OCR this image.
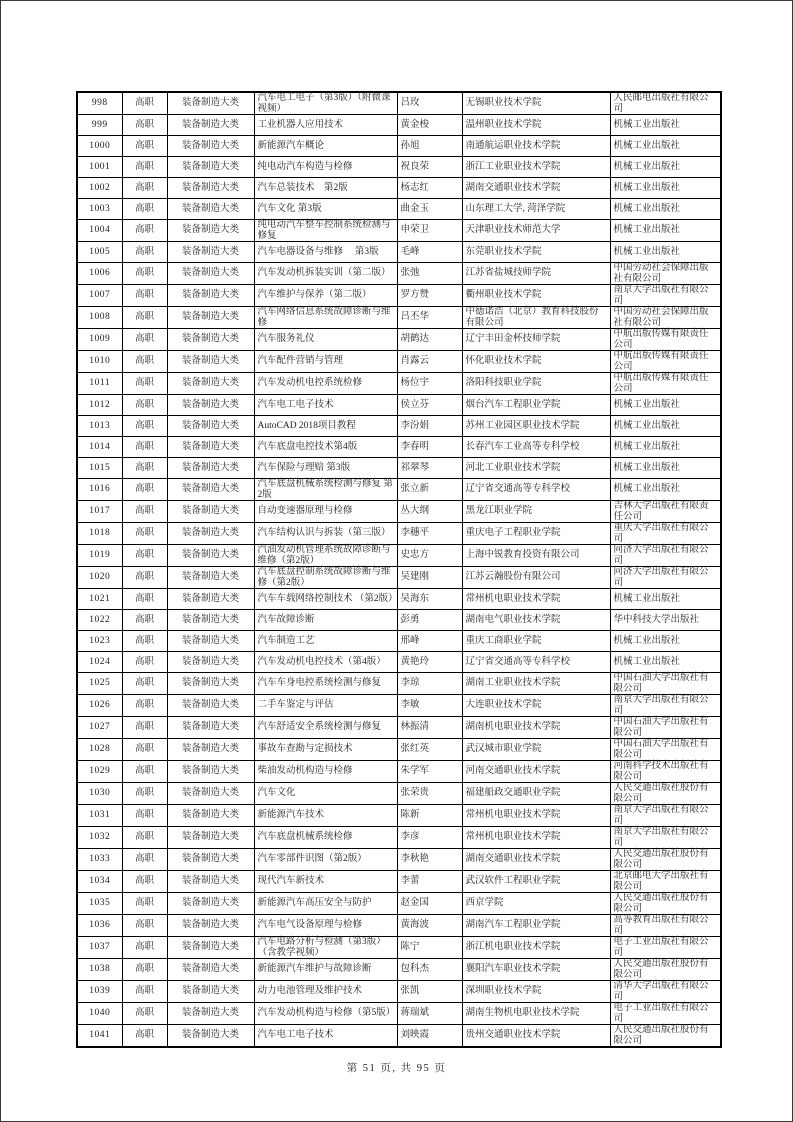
998	高职	装备制造大类	汽车电工电子（第3版）（附微课视频）	吕玫	无锡职业技术学院	人民邮电出版社有限公司
999	高职	装备制造大类	工业机器人应用技术	黄金梭	温州职业技术学院	机械工业出版社
1000	高职	装备制造大类	新能源汽车概论	孙旭	南通航运职业技术学院	机械工业出版社
1001	高职	装备制造大类	纯电动汽车构造与检修	祝良荣	浙江工业职业技术学院	机械工业出版社
1002	高职	装备制造大类	汽车总装技术　第2版	杨志红	湖南交通职业技术学院	机械工业出版社
1003	高职	装备制造大类	汽车文化 第3版	曲金玉	山东理工大学, 菏泽学院	机械工业出版社
1004	高职	装备制造大类	纯电动汽车整车控制系统检测与修复	申荣卫	天津职业技术师范大学	机械工业出版社
1005	高职	装备制造大类	汽车电器设备与维修　 第3版	毛峰	东莞职业技术学院	机械工业出版社
1006	高职	装备制造大类	汽车发动机拆装实训（第二版）	张弛	江苏省盐城技师学院	中国劳动社会保障出版社有限公司
1007	高职	装备制造大类	汽车维护与保养（第二版）	罗方赞	衢州职业技术学院	南京大学出版社有限公司
1008	高职	装备制造大类	汽车网络信息系统故障诊断与维修	吕丕华	中德诺浩（北京）教育科技股份有限公司	中国劳动社会保障出版社有限公司
1009	高职	装备制造大类	汽车服务礼仪	胡鹤达	辽宁丰田金杯技师学院	中航出版传媒有限责任公司
1010	高职	装备制造大类	汽车配件营销与管理	肖露云	怀化职业技术学院	中航出版传媒有限责任公司
1011	高职	装备制造大类	汽车发动机电控系统检修	杨位宇	洛阳科技职业学院	中航出版传媒有限责任公司
1012	高职	装备制造大类	汽车电工电子技术	侯立芬	烟台汽车工程职业学院	机械工业出版社
1013	高职	装备制造大类	AutoCAD 2018项目教程	李汾娟	苏州工业园区职业技术学院	机械工业出版社
1014	高职	装备制造大类	汽车底盘电控技术第4版	李春明	长春汽车工业高等专科学校	机械工业出版社
1015	高职	装备制造大类	汽车保险与理赔 第3版	祁翠琴	河北工业职业技术学院	机械工业出版社
1016	高职	装备制造大类	汽车底盘机械系统检测与修复 第2版	张立新	辽宁省交通高等专科学校	机械工业出版社
1017	高职	装备制造大类	自动变速器原理与检修	丛大纲	黑龙江职业学院	吉林大学出版社有限责任公司
1018	高职	装备制造大类	汽车结构认识与拆装（第三版）	李穗平	重庆电子工程职业学院	重庆大学出版社有限公司
1019	高职	装备制造大类	汽油发动机管理系统故障诊断与维修（第2版）	史忠方	上海中锐教育投资有限公司	同济大学出版社有限公司
1020	高职	装备制造大类	汽车底盘控制系统故障诊断与维修（第2版）	吴建刚	江苏云瀚股份有限公司	同济大学出版社有限公司
1021	高职	装备制造大类	汽车车载网络控制技术 （第2版）	吴海东	常州机电职业技术学院	机械工业出版社
1022	高职	装备制造大类	汽车故障诊断	彭勇	湖南电气职业技术学院	华中科技大学出版社
1023	高职	装备制造大类	汽车制造工艺	邢峰	重庆工商职业学院	机械工业出版社
1024	高职	装备制造大类	汽车发动机电控技术（第4版）	黄艳玲	辽宁省交通高等专科学校	机械工业出版社
1025	高职	装备制造大类	汽车车身电控系统检测与修复	李琼	湖南工业职业技术学院	中国石油大学出版社有限公司
1026	高职	装备制造大类	二手车鉴定与评估	李敏	大连职业技术学院	南京大学出版社有限公司
1027	高职	装备制造大类	汽车舒适安全系统检测与修复	林振清	湖南机电职业技术学院	中国石油大学出版社有限公司
1028	高职	装备制造大类	事故车查勘与定损技术	张红英	武汉城市职业学院	中国石油大学出版社有限公司
1029	高职	装备制造大类	柴油发动机构造与检修	朱学军	河南交通职业技术学院	河南科学技术出版社有限公司
1030	高职	装备制造大类	汽车文化	张荣贵	福建船政交通职业学院	人民交通出版社股份有限公司
1031	高职	装备制造大类	新能源汽车技术	陈新	常州机电职业技术学院	南京大学出版社有限公司
1032	高职	装备制造大类	汽车底盘机械系统检修	李彦	常州机电职业技术学院	南京大学出版社有限公司
1033	高职	装备制造大类	汽车零部件识图（第2版）	李秋艳	湖南交通职业技术学院	人民交通出版社股份有限公司
1034	高职	装备制造大类	现代汽车新技术	李蕾	武汉软件工程职业学院	北京邮电大学出版社有限公司
1035	高职	装备制造大类	新能源汽车高压安全与防护	赵金国	西京学院	人民交通出版社股份有限公司
1036	高职	装备制造大类	汽车电气设备原理与检修	黄海波	湖南汽车工程职业学院	高等教育出版社有限公司
1037	高职	装备制造大类	汽车电路分析与检测（第3版）（含教学视频）	陈宁	浙江机电职业技术学院	电子工业出版社有限公司
1038	高职	装备制造大类	新能源汽车维护与故障诊断	包科杰	襄阳汽车职业技术学院	人民交通出版社股份有限公司
1039	高职	装备制造大类	动力电池管理及维护技术	张凯	深圳职业技术学院	清华大学出版社有限公司
1040	高职	装备制造大类	汽车发动机构造与检修（第5版）	蒋瑞斌	湖南生物机电职业技术学院	电子工业出版社有限公司
1041	高职	装备制造大类	汽车电工电子技术	刘映霞	贵州交通职业技术学院	人民交通出版社股份有限公司
第 51 页, 共 95 页
